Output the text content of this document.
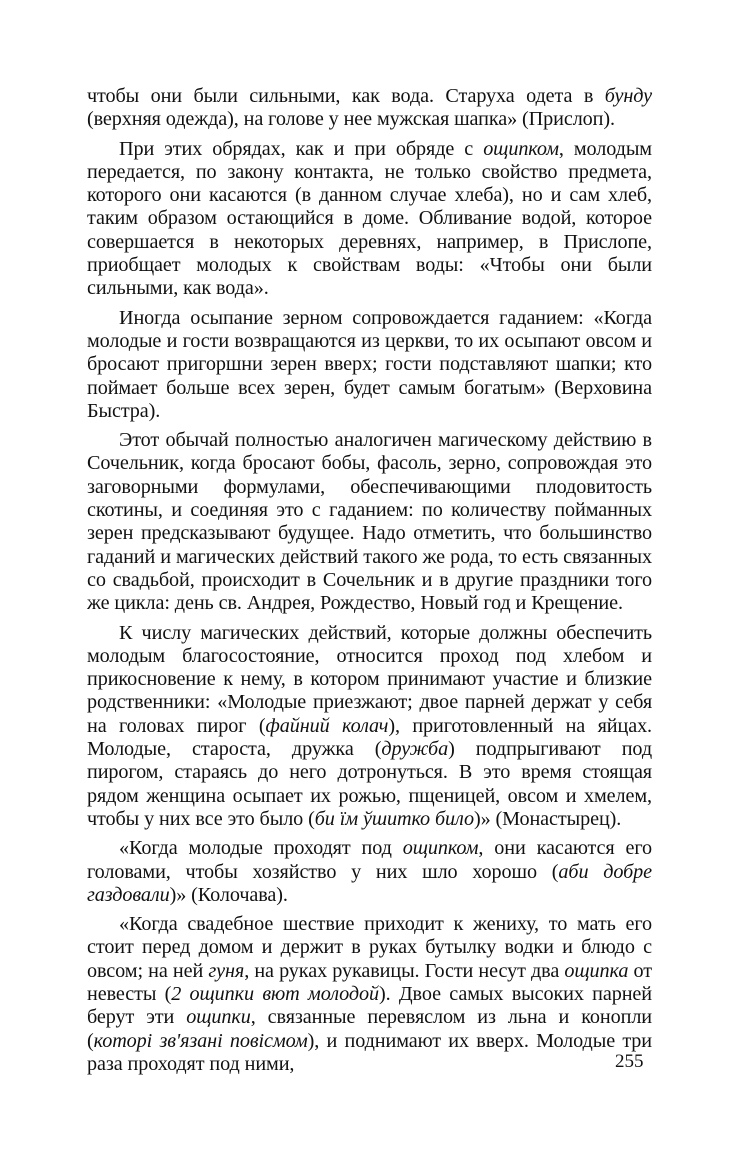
чтобы они были сильными, как вода. Старуха одета в бунду (верхняя одежда), на голове у нее мужская шапка» (Прислоп).

При этих обрядах, как и при обряде с ощипком, молодым передается, по закону контакта, не только свойство предмета, которого они касаются (в данном случае хлеба), но и сам хлеб, таким образом остающийся в доме. Обливание водой, которое совершается в некоторых деревнях, например, в Прислопе, приобщает молодых к свойствам воды: «Чтобы они были сильными, как вода».

Иногда осыпание зерном сопровождается гаданием: «Когда молодые и гости возвращаются из церкви, то их осыпают овсом и бросают пригоршни зерен вверх; гости подставляют шапки; кто поймает больше всех зерен, будет самым богатым» (Верховина Быстра).

Этот обычай полностью аналогичен магическому действию в Сочельник, когда бросают бобы, фасоль, зерно, сопровождая это заговорными формулами, обеспечивающими плодовитость скотины, и соединяя это с гаданием: по количеству пойманных зерен предсказывают будущее. Надо отметить, что большинство гаданий и магических действий такого же рода, то есть связанных со свадьбой, происходит в Сочельник и в другие праздники того же цикла: день св. Андрея, Рождество, Новый год и Крещение.

К числу магических действий, которые должны обеспечить молодым благосостояние, относится проход под хлебом и прикосновение к нему, в котором принимают участие и близкие родственники: «Молодые приезжают; двое парней держат у себя на головах пирог (файний колач), приготовленный на яйцах. Молодые, староста, дружка (дружба) подпрыгивают под пирогом, стараясь до него дотронуться. В это время стоящая рядом женщина осыпает их рожью, пщеницей, овсом и хмелем, чтобы у них все это было (би їм ўшитко било)» (Монастырец).

«Когда молодые проходят под ощипком, они касаются его головами, чтобы хозяйство у них шло хорошо (аби добре газдовали)» (Колочава).

«Когда свадебное шествие приходит к жениху, то мать его стоит перед домом и держит в руках бутылку водки и блюдо с овсом; на ней гуня, на руках рукавицы. Гости несут два ощипка от невесты (2 ощипки вют молодой). Двое самых высоких парней берут эти ощипки, связанные перевяслом из льна и конопли (которі зв'язані повісмом), и поднимают их вверх. Молодые три раза проходят под ними,	255
